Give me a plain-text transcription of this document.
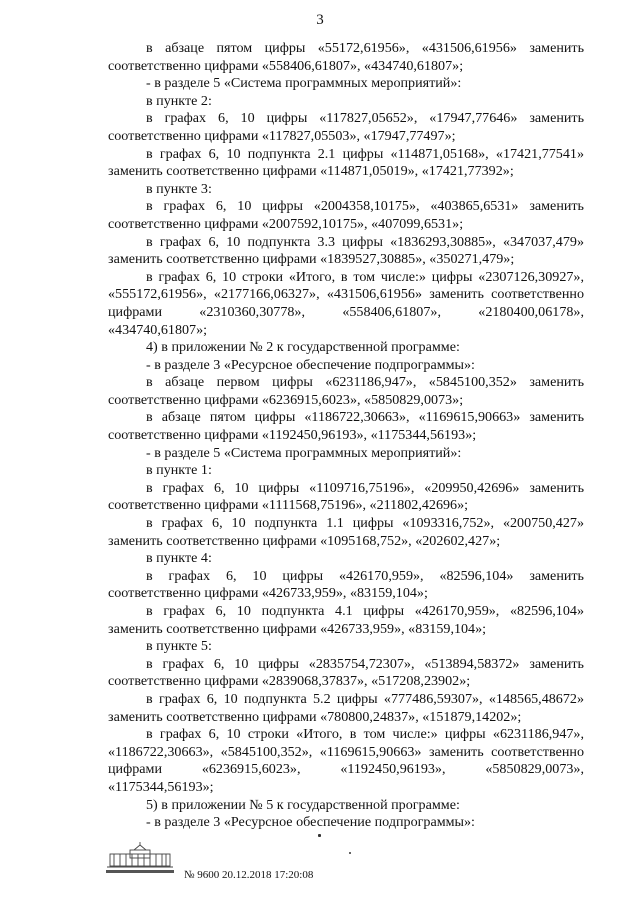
3

в абзаце пятом цифры «55172,61956», «431506,61956» заменить соответственно цифрами «558406,61807», «434740,61807»;

- в разделе 5 «Система программных мероприятий»:

в пункте 2:

в графах 6, 10 цифры «117827,05652», «17947,77646» заменить соответственно цифрами «117827,05503», «17947,77497»;

в графах 6, 10 подпункта 2.1 цифры «114871,05168», «17421,77541» заменить соответственно цифрами «114871,05019», «17421,77392»;

в пункте 3:

в графах 6, 10 цифры «2004358,10175», «403865,6531» заменить соответственно цифрами «2007592,10175», «407099,6531»;

в графах 6, 10 подпункта 3.3 цифры «1836293,30885», «347037,479» заменить соответственно цифрами «1839527,30885», «350271,479»;

в графах 6, 10 строки «Итого, в том числе:» цифры «2307126,30927», «555172,61956», «2177166,06327», «431506,61956» заменить соответственно

цифрами «2310360,30778», «558406,61807», «2180400,06178»,

«434740,61807»;

4) в приложении № 2 к государственной программе:

- в разделе 3 «Ресурсное обеспечение подпрограммы»:

в абзаце первом цифры «6231186,947», «5845100,352» заменить соответственно цифрами «6236915,6023», «5850829,0073»;

в абзаце пятом цифры «1186722,30663», «1169615,90663» заменить соответственно цифрами «1192450,96193», «1175344,56193»;

- в разделе 5 «Система программных мероприятий»:

в пункте 1:

в графах 6, 10 цифры «1109716,75196», «209950,42696» заменить соответственно цифрами «1111568,75196», «211802,42696»;

в графах 6, 10 подпункта 1.1 цифры «1093316,752», «200750,427» заменить соответственно цифрами «1095168,752», «202602,427»;

в пункте 4:

в графах 6, 10 цифры «426170,959», «82596,104» заменить соответственно цифрами «426733,959», «83159,104»;

в графах 6, 10 подпункта 4.1 цифры «426170,959», «82596,104» заменить соответственно цифрами «426733,959», «83159,104»;

в пункте 5:

в графах 6, 10 цифры «2835754,72307», «513894,58372» заменить соответственно цифрами «2839068,37837», «517208,23902»;

в графах 6, 10 подпункта 5.2 цифры «777486,59307», «148565,48672» заменить соответственно цифрами «780800,24837», «151879,14202»;

в графах 6, 10 строки «Итого, в том числе:» цифры «6231186,947», «1186722,30663», «5845100,352», «1169615,90663» заменить соответственно

цифрами «6236915,6023», «1192450,96193», «5850829,0073»,

«1175344,56193»;

5) в приложении № 5 к государственной программе:

- в разделе 3 «Ресурсное обеспечение подпрограммы»:

№ 9600 20.12.2018 17:20:08
